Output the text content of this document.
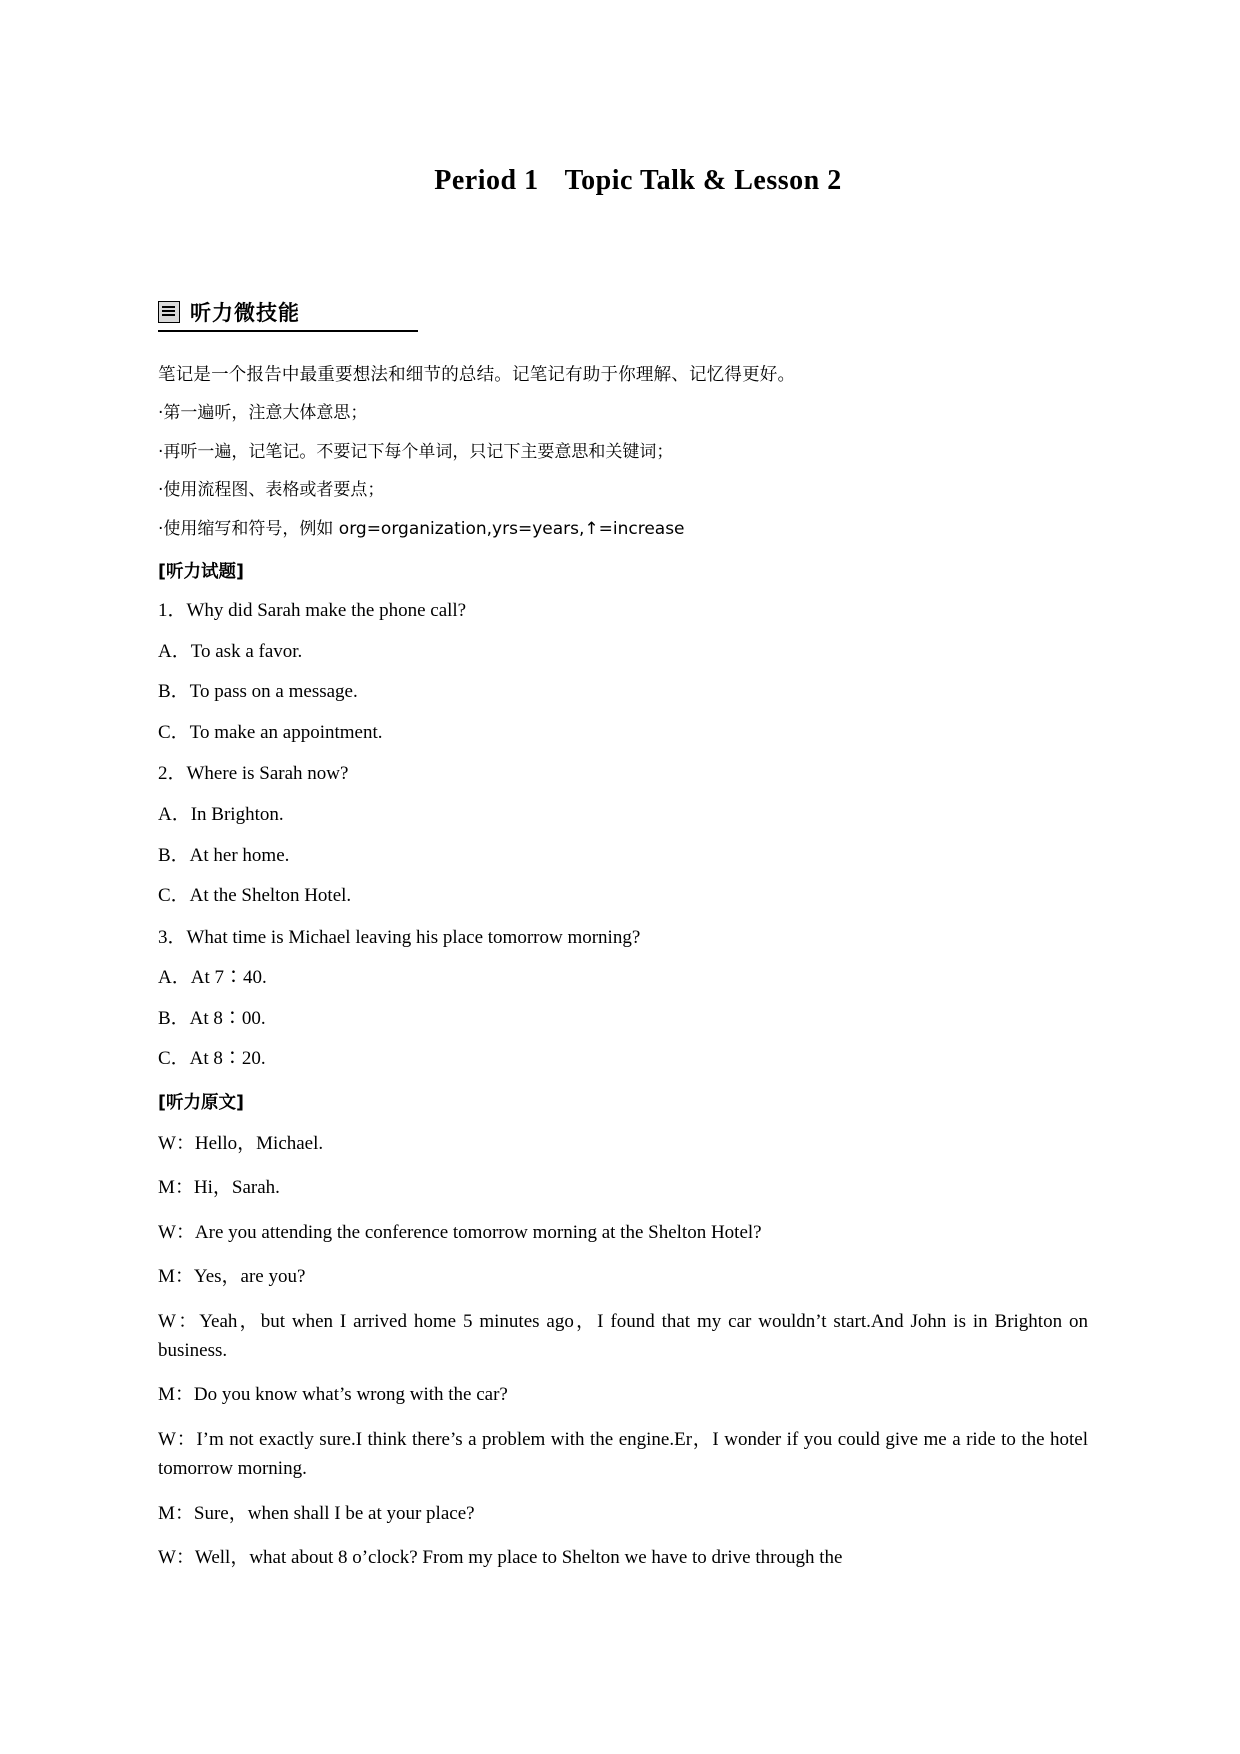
Period 1 Topic Talk & Lesson 2
听力微技能

笔记是一个报告中最重要想法和细节的总结。记笔记有助于你理解、记忆得更好。

·第一遍听，注意大体意思；

·再听一遍，记笔记。不要记下每个单词，只记下主要意思和关键词；

·使用流程图、表格或者要点；

·使用缩写和符号，例如 org=organization,yrs=years,↑=increase

[听力试题]

1．Why did Sarah make the phone call?

A．To ask a favor.

B．To pass on a message.

C．To make an appointment.

2．Where is Sarah now?

A．In Brighton.

B．At her home.

C．At the Shelton Hotel.

3．What time is Michael leaving his place tomorrow morning?

A．At 7∶40.

B．At 8∶00.

C．At 8∶20.

[听力原文]

W：Hello，Michael.

M：Hi，Sarah.

W：Are you attending the conference tomorrow morning at the Shelton Hotel?

M：Yes，are you?

W：Yeah，but when I arrived home 5 minutes ago，I found that my car wouldn’t start.And John is in Brighton on business.

M：Do you know what’s wrong with the car?

W：I’m not exactly sure.I think there’s a problem with the engine.Er，I wonder if you could give me a ride to the hotel tomorrow morning.

M：Sure，when shall I be at your place?

W：Well，what about 8 o’clock? From my place to Shelton we have to drive through the
